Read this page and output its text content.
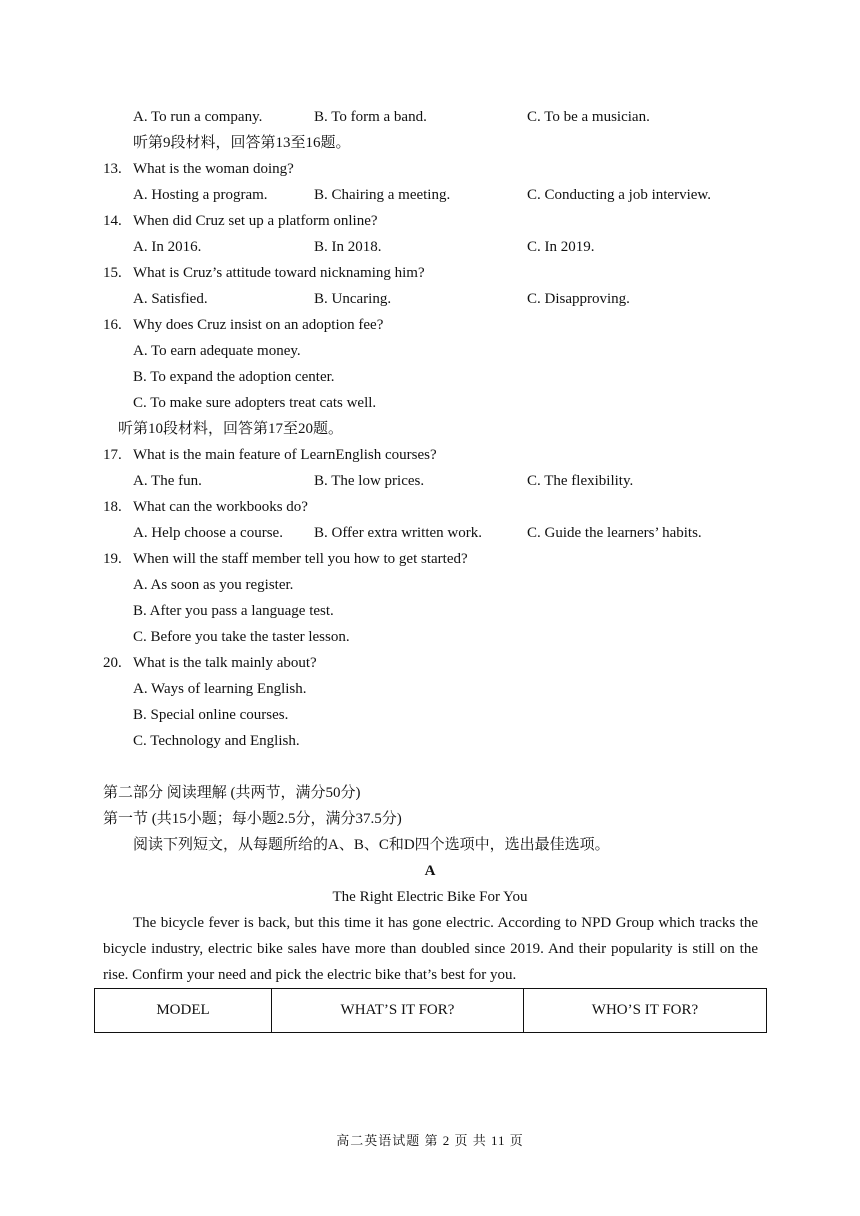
A. To run a company.	B. To form a band.	C. To be a musician.
听第9段材料，回答第13至16题。
13. What is the woman doing?
A. Hosting a program.	B. Chairing a meeting.	C. Conducting a job interview.
14. When did Cruz set up a platform online?
A. In 2016.	B. In 2018.	C. In 2019.
15. What is Cruz’s attitude toward nicknaming him?
A. Satisfied.	B. Uncaring.	C. Disapproving.
16. Why does Cruz insist on an adoption fee?
A. To earn adequate money.
B. To expand the adoption center.
C. To make sure adopters treat cats well.
听第10段材料，回答第17至20题。
17. What is the main feature of LearnEnglish courses?
A. The fun.	B. The low prices.	C. The flexibility.
18. What can the workbooks do?
A. Help choose a course. B. Offer extra written work.	C. Guide the learners’ habits.
19. When will the staff member tell you how to get started?
A. As soon as you register.
B. After you pass a language test.
C. Before you take the taster lesson.
20. What is the talk mainly about?
A. Ways of learning English.
B. Special online courses.
C. Technology and English.
第二部分 阅读理解 (共两节，满分50分)
第一节 (共15小题；每小题2.5分，满分37.5分)
阅读下列短文，从每题所给的A、B、C和D四个选项中，选出最佳选项。
A
The Right Electric Bike For You

The bicycle fever is back, but this time it has gone electric. According to NPD Group which tracks the bicycle industry, electric bike sales have more than doubled since 2019. And their popularity is still on the rise. Confirm your need and pick the electric bike that’s best for you.

MODEL	WHAT’S IT FOR?	WHO’S IT FOR?
高二英语试题 第 2 页 共 11 页
